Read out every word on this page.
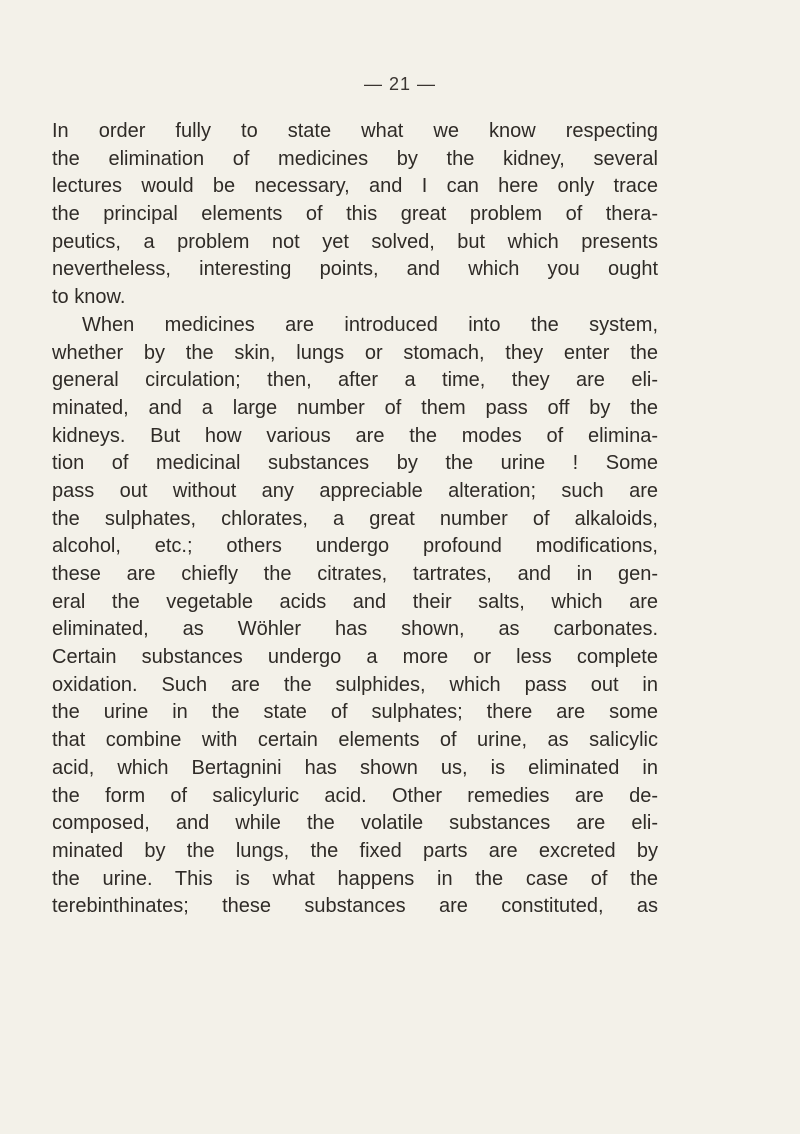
— 21 —
In order fully to state what we know respecting
the elimination of medicines by the kidney, several
lectures would be necessary, and I can here only trace
the principal elements of this great problem of thera-
peutics, a problem not yet solved, but which presents
nevertheless, interesting points, and which you ought
to know.
When medicines are introduced into the system,
whether by the skin, lungs or stomach, they enter the
general circulation; then, after a time, they are eli-
minated, and a large number of them pass off by the
kidneys. But how various are the modes of elimina-
tion of medicinal substances by the urine ! Some
pass out without any appreciable alteration; such are
the sulphates, chlorates, a great number of alkaloids,
alcohol, etc.; others undergo profound modifications,
these are chiefly the citrates, tartrates, and in gen-
eral the vegetable acids and their salts, which are
eliminated, as Wöhler has shown, as carbonates.
Certain substances undergo a more or less complete
oxidation. Such are the sulphides, which pass out in
the urine in the state of sulphates; there are some
that combine with certain elements of urine, as salicylic
acid, which Bertagnini has shown us, is eliminated in
the form of salicyluric acid. Other remedies are de-
composed, and while the volatile substances are eli-
minated by the lungs, the fixed parts are excreted by
the urine. This is what happens in the case of the
terebinthinates; these substances are constituted, as
